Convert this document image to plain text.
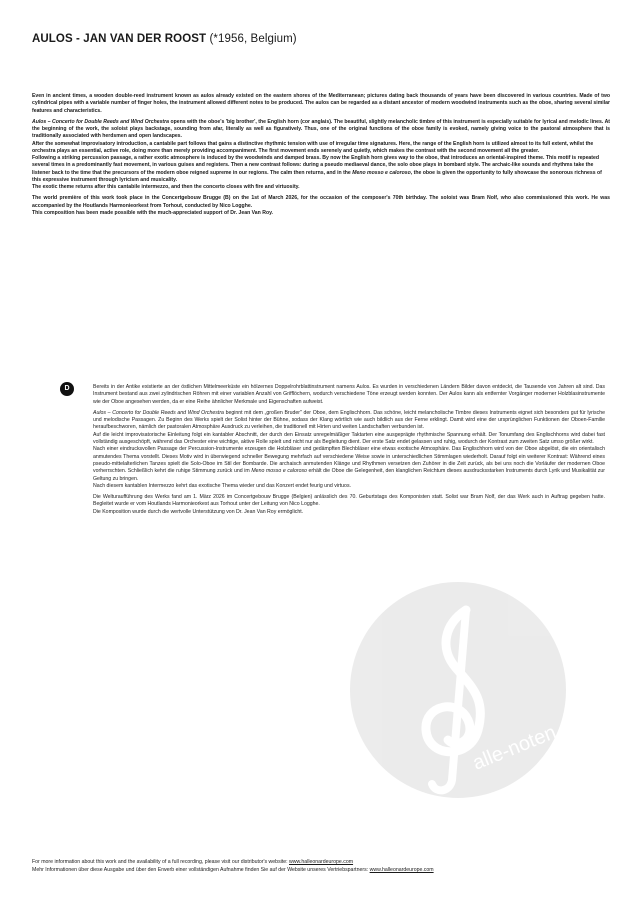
AULOS - JAN VAN DER ROOST (*1956, Belgium)

Even in ancient times, a wooden double-reed instrument known as aulos already existed on the eastern shores of the Mediterranean; pictures dating back thousands of years have been discovered in various countries. Made of two cylindrical pipes with a variable number of finger holes, the instrument allowed different notes to be produced. The aulos can be regarded as a distant ancestor of modern woodwind instruments such as the oboe, sharing several similar features and characteristics.

Aulos – Concerto for Double Reeds and Wind Orchestra opens with the oboe's 'big brother', the English horn (cor anglais). The beautiful, slightly melancholic timbre of this instrument is especially suitable for lyrical and melodic lines. At the beginning of the work, the soloist plays backstage, sounding from afar, literally as well as figuratively. Thus, one of the original functions of the oboe family is evoked, namely giving voice to the pastoral atmosphere that is traditionally associated with herdsmen and open landscapes.

After the somewhat improvisatory introduction, a cantabile part follows that gains a distinctive rhythmic tension with use of irregular time signatures. Here, the range of the English horn is utilized almost to its full extent, whilst the orchestra plays an essential, active role, doing more than merely providing accompaniment. The first movement ends serenely and quietly, which makes the contrast with the second movement all the greater.
Following a striking percussion passage, a rather exotic atmosphere is induced by the woodwinds and damped brass. By now the English horn gives way to the oboe, that introduces an oriental-inspired theme. This motif is repeated several times in a predominantly fast movement, in various guises and registers. Then a new contrast follows: during a pseudo mediaeval dance, the solo oboe plays in bombard style. The archaic-like sounds and rhythms take the listener back to the time that the precursors of the modern oboe reigned supreme in our regions. The calm then returns, and in the Meno mosso e caloroso, the oboe is given the opportunity to fully showcase the sonorous richness of this expressive instrument through lyricism and musicality.

The exotic theme returns after this cantabile intermezzo, and then the concerto closes with fire and virtuosity.

The world première of this work took place in the Concertgebouw Brugge (B) on the 1st of March 2026, for the occasion of the composer's 70th birthday. The soloist was Bram Nolf, who also commissioned this work. He was accompanied by the Houtlands Harmonieorkest from Torhout, conducted by Nico Logghe.

This composition has been made possible with the much-appreciated support of Dr. Jean Van Roy.
alle-noten.de
D	Bereits in der Antike existierte an der östlichen Mittelmeerküste ein hölzernes Doppelrohrblattinstrument namens Aulos. Es wurden in verschiedenen Ländern Bilder davon entdeckt, die Tausende von Jahren alt sind. Das Instrument bestand aus zwei zylindrischen Röhren mit einer variablen Anzahl von Grifflöchern, wodurch verschiedene Töne erzeugt werden konnten. Der Aulos kann als entfernter Vorgänger moderner Holzblasinstrumente wie der Oboe angesehen werden, da er eine Reihe ähnlicher Merkmale und Eigenschaften aufweist.

Aulos – Concerto for Double Reeds and Wind Orchestra beginnt mit dem „großen Bruder" der Oboe, dem Englischhorn. Das schöne, leicht melancholische Timbre dieses Instruments eignet sich besonders gut für lyrische und melodische Passagen. Zu Beginn des Werks spielt der Solist hinter der Bühne, sodass der Klang wörtlich wie auch bildlich aus der Ferne erklingt. Damit wird eine der ursprünglichen Funktionen der Oboen-Familie heraufbeschworen, nämlich der pastoralen Atmosphäre Ausdruck zu verleihen, die traditionell mit Hirten und weiten Landschaften verbunden ist.

Auf die leicht improvisatorische Einleitung folgt ein kantabler Abschnitt, der durch den Einsatz unregelmäßiger Taktarten eine ausgeprägte rhythmische Spannung erhält. Der Tonumfang des Englischhorns wird dabei fast vollständig ausgeschöpft, während das Orchester eine wichtige, aktive Rolle spielt und nicht nur als Begleitung dient. Der erste Satz endet gelassen und ruhig, wodurch der Kontrast zum zweiten Satz umso größer wirkt.

Nach einer eindrucksvollen Passage der Percussion-Instrumente erzeugen die Holzbläser und gedämpften Blechbläser eine etwas exotische Atmosphäre. Das Englischhorn wird von der Oboe abgelöst, die ein orientalisch anmutendes Thema vorstellt. Dieses Motiv wird in überwiegend schneller Bewegung mehrfach auf verschiedene Weise sowie in unterschiedlichen Stimmlagen wiederholt. Darauf folgt ein weiterer Kontrast: Während eines pseudo-mittelalterlichen Tanzes spielt die Solo-Oboe im Stil der Bombarde. Die archaisch anmutenden Klänge und Rhythmen versetzen den Zuhörer in die Zeit zurück, als bei uns noch die Vorläufer der modernen Oboe vorherrschten. Schließlich kehrt die ruhige Stimmung zurück und im Meno mosso e caloroso erhält die Oboe die Gelegenheit, den klanglichen Reichtum dieses ausdrucksstarken Instruments durch Lyrik und Musikalität zur Geltung zu bringen.

Nach diesem kantablen Intermezzo kehrt das exotische Thema wieder und das Konzert endet feurig und virtuos.

Die Welturaufführung des Werks fand am 1. März 2026 im Concertgebouw Brugge (Belgien) anlässlich des 70. Geburtstags des Komponisten statt. Solist war Bram Nolf, der das Werk auch in Auftrag gegeben hatte. Begleitet wurde er vom Houtlands Harmonieorkest aus Torhout unter der Leitung von Nico Logghe.

Die Komposition wurde durch die wertvolle Unterstützung von Dr. Jean Van Roy ermöglicht.

For more information about this work and the availability of a full recording, please visit our distributor's website: www.halleonardeurope.com
Mehr Informationen über diese Ausgabe und über den Erwerb einer vollständigen Aufnahme finden Sie auf der Website unseres Vertriebspartners: www.halleonardeurope.com
